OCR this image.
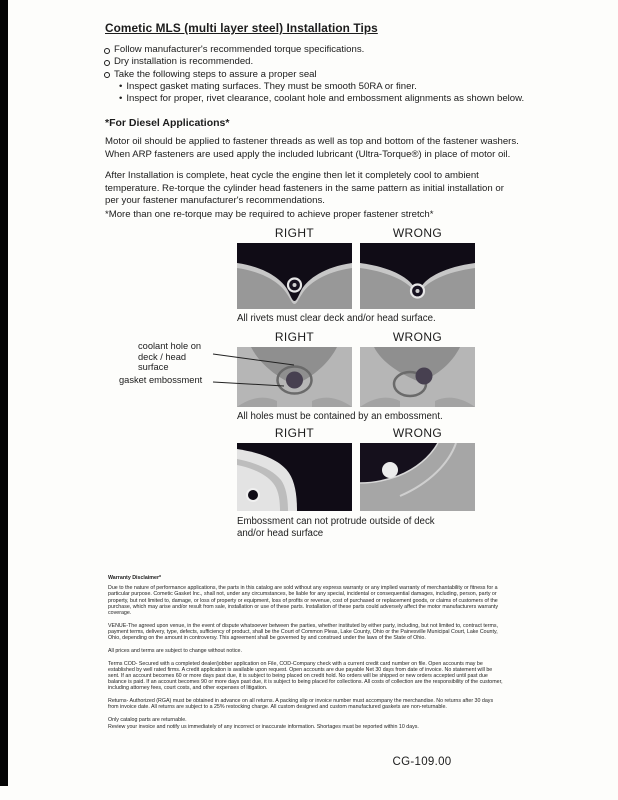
Cometic MLS (multi layer steel) Installation Tips
Follow manufacturer's recommended torque specifications.
Dry installation is recommended.
Take the following steps to assure a proper seal
•
Inspect gasket mating surfaces. They must be smooth 50RA or finer.
•
Inspect for proper, rivet clearance, coolant hole and embossment alignments as shown below.
*For Diesel Applications*

Motor oil should be applied to fastener threads as well as top and bottom of the fastener washers. When ARP fasteners are used apply the included lubricant (Ultra-Torque®) in place of motor oil.

After Installation is complete, heat cycle the engine then let it completely cool to ambient temperature. Re-torque the cylinder head fasteners in the same pattern as initial installation or per your fastener manufacturer's recommendations.

*More than one re-torque may be required to achieve proper fastener stretch*

RIGHT	WRONG
All rivets must clear deck and/or head surface.
RIGHT	WRONG
coolant hole on deck / head surface
gasket embossment
All holes must be contained by an embossment.
RIGHT	WRONG
Embossment can not protrude outside of deck and/or head surface
Warranty Disclaimer*

Due to the nature of performance applications, the parts in this catalog are sold without any express warranty or any implied warranty of merchantability or fitness for a particular purpose. Cometic Gasket Inc., shall not, under any circumstances, be liable for any special, incidental or consequential damages, including, person, party or property, but not limited to, damage, or loss of property or equipment, loss of profits or revenue, cost of purchased or replacement goods, or claims of customers of the purchase, which may arise and/or result from sale, installation or use of these parts. Installation of these parts could adversely affect the motor manufacturers warranty coverage.

VENUE-The agreed upon venue, in the event of dispute whatsoever between the parties, whether instituted by either party, including, but not limited to, contract terms, payment terms, delivery, type, defects, sufficiency of product, shall be the Court of Common Pleas, Lake County, Ohio or the Painesville Municipal Court, Lake County, Ohio, depending on the amount in controversy. This agreement shall be governed by and construed under the laws of the State of Ohio.

All prices and terms are subject to change without notice.

Terms COD- Secured with a completed dealer/jobber application on File, COD-Company check with a current credit card number on file. Open accounts may be established by well rated firms. A credit application is available upon request. Open accounts are due payable Net 30 days from date of invoice. No statement will be sent. If an account becomes 60 or more days past due, it is subject to being placed on credit hold. No orders will be shipped or new orders accepted until past due balance is paid. If an account becomes 90 or more days past due, it is subject to being placed for collections. All costs of collection are the responsibility of the customer, including attorney fees, court costs, and other expenses of litigation.

Returns- Authorized (RGA) must be obtained in advance on all returns. A packing slip or invoice number must accompany the merchandise. No returns after 30 days from invoice date. All returns are subject to a 25% restocking charge. All custom designed and custom manufactured gaskets are non-returnable.

Only catalog parts are returnable.

Review your invoice and notify us immediately of any incorrect or inaccurate information. Shortages must be reported within 10 days.

CG-109.00
